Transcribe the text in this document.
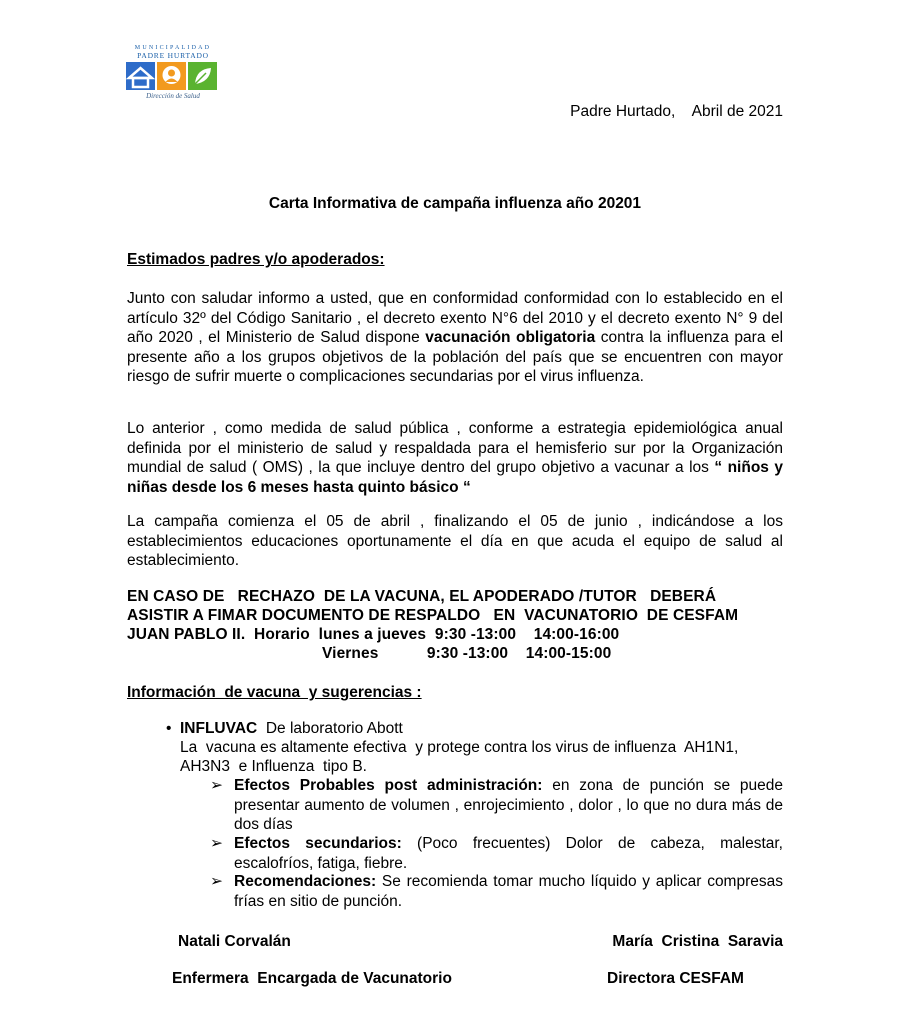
MUNICIPALIDAD
PADRE HURTADO
Dirección de Salud
Padre Hurtado,    Abril de 2021
Carta Informativa de campaña influenza año 20201
Estimados padres y/o apoderados:
Junto con saludar informo a usted, que en conformidad conformidad con lo establecido en el artículo 32º del Código Sanitario , el decreto exento N°6 del 2010 y el decreto exento N° 9 del año 2020 , el Ministerio de Salud dispone vacunación obligatoria contra la influenza para el presente año a los grupos objetivos de la población del país que se encuentren con mayor riesgo de sufrir muerte o complicaciones secundarias por el virus influenza.
Lo anterior , como medida de salud pública , conforme a estrategia epidemiológica anual definida por el ministerio de salud y respaldada para el hemisferio sur por la Organización mundial de salud ( OMS) , la que incluye dentro del grupo objetivo a vacunar a los “ niños y niñas desde los 6 meses hasta quinto básico “
La campaña comienza el 05 de abril , finalizando el 05 de junio , indicándose a los establecimientos educaciones oportunamente el día en que acuda el equipo de salud al establecimiento.
EN CASO DE   RECHAZO  DE LA VACUNA, EL APODERADO /TUTOR   DEBERÁ
ASISTIR A FIMAR DOCUMENTO DE RESPALDO   EN  VACUNATORIO  DE CESFAM
JUAN PABLO II.  Horario  lunes a jueves  9:30 -13:00    14:00-16:00
Viernes           9:30 -13:00    14:00-15:00
Información  de vacuna  y sugerencias :
• INFLUVAC  De laboratorio Abott
La  vacuna es altamente efectiva  y protege contra los virus de influenza  AH1N1,
AH3N3  e Influenza  tipo B.
➢ Efectos Probables post administración: en zona de punción se puede presentar aumento de volumen , enrojecimiento , dolor , lo que no dura más de dos días
➢ Efectos secundarios: (Poco frecuentes) Dolor de cabeza, malestar, escalofríos, fatiga, fiebre.
➢ Recomendaciones: Se recomienda tomar mucho líquido y aplicar compresas frías en sitio de punción.
Natali Corvalán	María  Cristina  Saravia
Enfermera  Encargada de Vacunatorio	Directora CESFAM
